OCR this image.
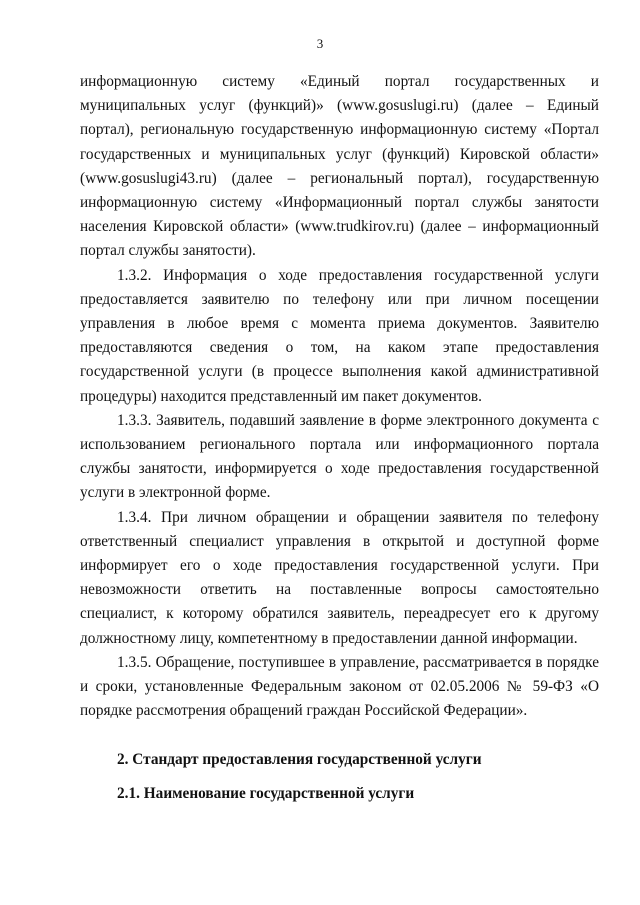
3

информационную систему «Единый портал государственных и муниципальных услуг (функций)» (www.gosuslugi.ru) (далее – Единый портал), региональную государственную информационную систему «Портал государственных и муниципальных услуг (функций) Кировской области» (www.gosuslugi43.ru) (далее – региональный портал), государственную информационную систему «Информационный портал службы занятости населения Кировской области» (www.trudkirov.ru) (далее – информационный портал службы занятости).

1.3.2. Информация о ходе предоставления государственной услуги предоставляется заявителю по телефону или при личном посещении управления в любое время с момента приема документов. Заявителю предоставляются сведения о том, на каком этапе предоставления государственной услуги (в процессе выполнения какой административной процедуры) находится представленный им пакет документов.

1.3.3. Заявитель, подавший заявление в форме электронного документа с использованием регионального портала или информационного портала службы занятости, информируется о ходе предоставления государственной услуги в электронной форме.

1.3.4. При личном обращении и обращении заявителя по телефону ответственный специалист управления в открытой и доступной форме информирует его о ходе предоставления государственной услуги. При невозможности ответить на поставленные вопросы самостоятельно специалист, к которому обратился заявитель, переадресует его к другому должностному лицу, компетентному в предоставлении данной информации.

1.3.5. Обращение, поступившее в управление, рассматривается в порядке и сроки, установленные Федеральным законом от 02.05.2006 № 59-ФЗ «О порядке рассмотрения обращений граждан Российской Федерации».

2. Стандарт предоставления государственной услуги

2.1. Наименование государственной услуги
